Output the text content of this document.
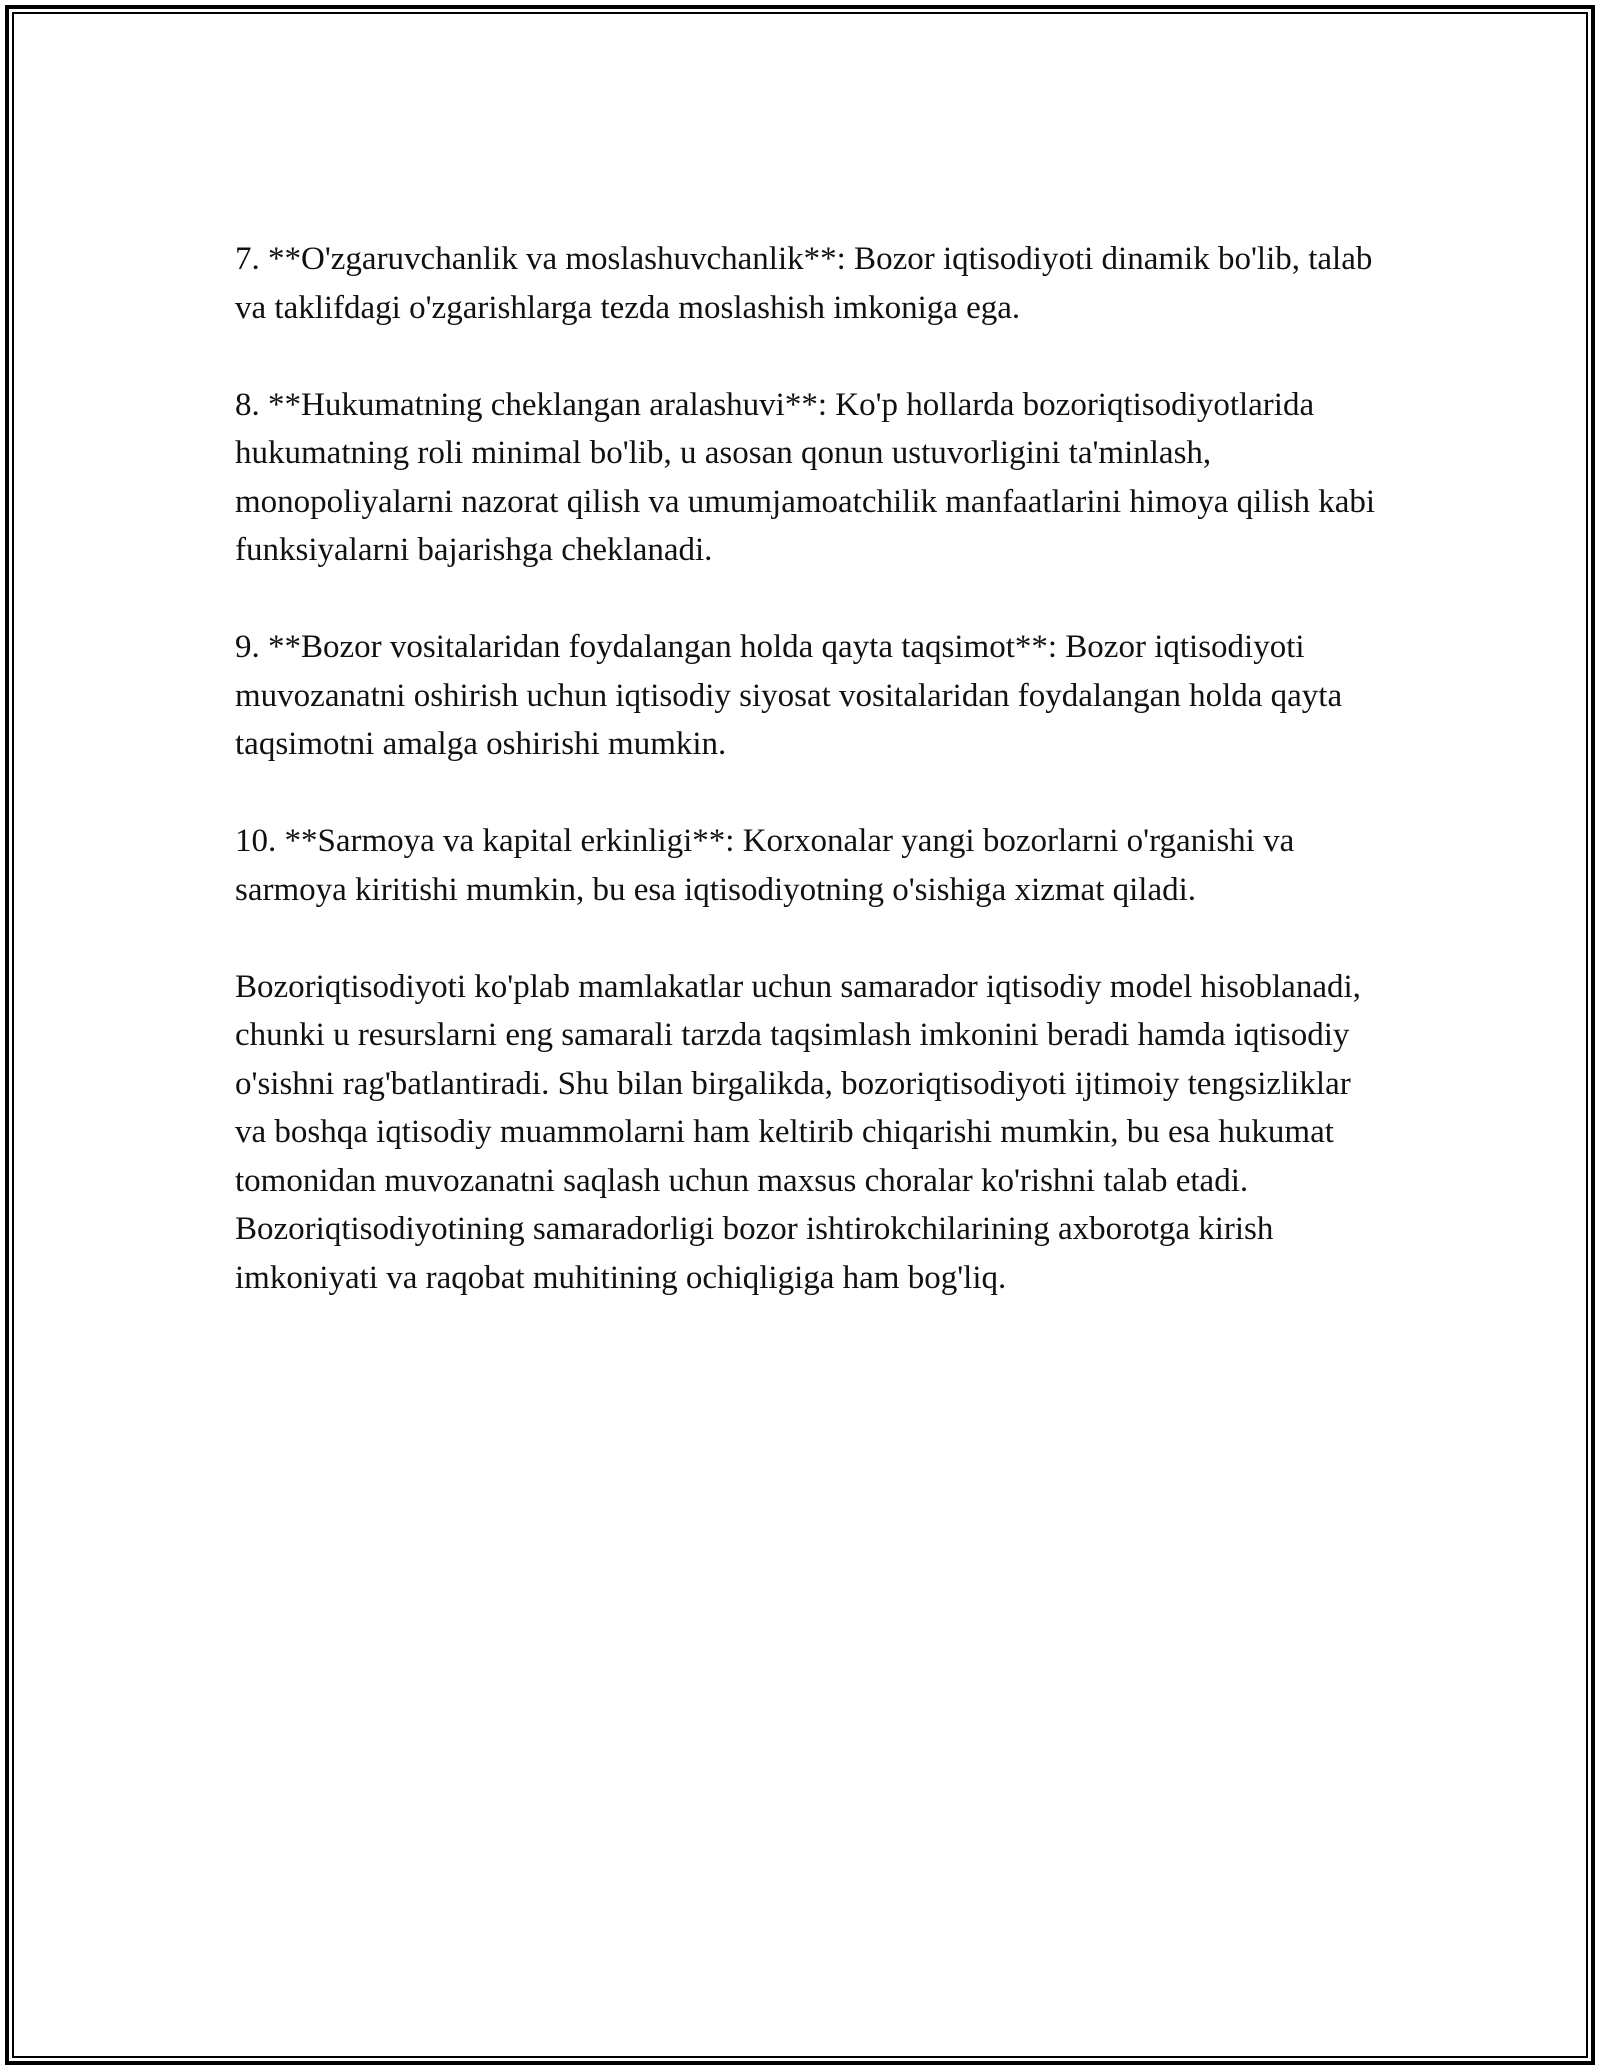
7. **O'zgaruvchanlik va moslashuvchanlik**: Bozor iqtisodiyoti dinamik bo'lib, talab va taklifdagi o'zgarishlarga tezda moslashish imkoniga ega.

8. **Hukumatning cheklangan aralashuvi**: Ko'p hollarda bozoriqtisodiyotlarida hukumatning roli minimal bo'lib, u asosan qonun ustuvorligini ta'minlash, monopoliyalarni nazorat qilish va umumjamoatchilik manfaatlarini himoya qilish kabi funksiyalarni bajarishga cheklanadi.

9. **Bozor vositalaridan foydalangan holda qayta taqsimot**: Bozor iqtisodiyoti muvozanatni oshirish uchun iqtisodiy siyosat vositalaridan foydalangan holda qayta taqsimotni amalga oshirishi mumkin.

10. **Sarmoya va kapital erkinligi**: Korxonalar yangi bozorlarni o'rganishi va sarmoya kiritishi mumkin, bu esa iqtisodiyotning o'sishiga xizmat qiladi.

Bozoriqtisodiyoti ko'plab mamlakatlar uchun samarador iqtisodiy model hisoblanadi, chunki u resurslarni eng samarali tarzda taqsimlash imkonini beradi hamda iqtisodiy o'sishni rag'batlantiradi. Shu bilan birgalikda, bozoriqtisodiyoti ijtimoiy tengsizliklar va boshqa iqtisodiy muammolarni ham keltirib chiqarishi mumkin, bu esa hukumat tomonidan muvozanatni saqlash uchun maxsus choralar ko'rishni talab etadi. Bozoriqtisodiyotining samaradorligi bozor ishtirokchilarining axborotga kirish imkoniyati va raqobat muhitining ochiqligiga ham bog'liq.
